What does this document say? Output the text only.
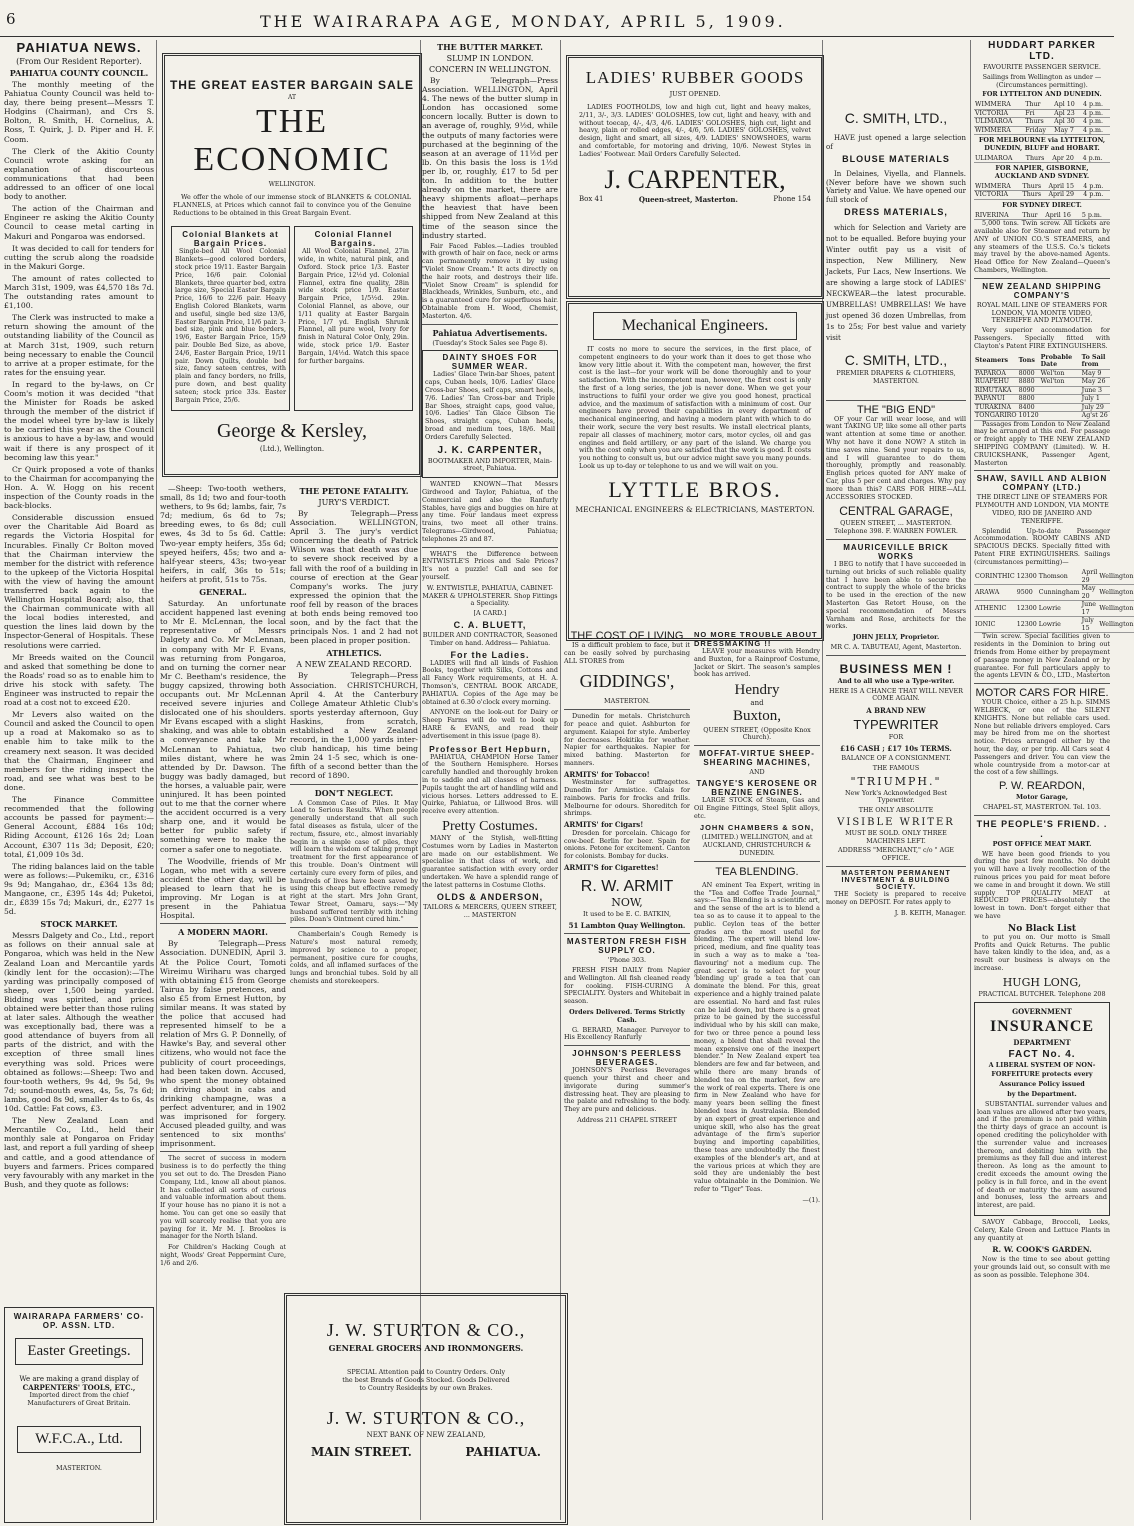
6	THE WAIRARAPA AGE, MONDAY, APRIL 5, 1909.
PAHIATUA NEWS.
(From Our Resident Reporter).
PAHIATUA COUNTY COUNCIL.

The monthly meeting of the Pahiatua County Council was held to-day, there being present—Messrs T. Hodgins (Chairman), and Crs S. Bolton, R. Smith, H. Cornelius, A. Ross, T. Quirk, J. D. Piper and H. F. Coom.

The Clerk of the Akitio County Council wrote asking for an explanation of discourteous communications that had been addressed to an officer of one local body to another.

The action of the Chairman and Engineer re asking the Akitio County Council to cease metal carting in Makuri and Pongaroa was endorsed.

It was decided to call for tenders for cutting the scrub along the roadside in the Makuri Gorge.

The amount of rates collected to March 31st, 1909, was £4,570 18s 7d. The outstanding rates amount to £1,100.

The Clerk was instructed to make a return showing the amount of the outstanding liability of the Council as at March 31st, 1909, such return being necessary to enable the Council to arrive at a proper estimate, for the rates for the ensuing year.

In regard to the by-laws, on Cr Coom's motion it was decided "that the Minister for Roads be asked through the member of the district if the model wheel tyre by-law is likely to be carried this year as the Council is anxious to have a by-law, and would wait if there is any prospect of it becoming law this year."

Cr Quirk proposed a vote of thanks to the Chairman for accompanying the Hon. A. W. Hogg on his recent inspection of the County roads in the back-blocks.

Considerable discussion ensued over the Charitable Aid Board as regards the Victoria Hospital for Incurables. Finally Cr Bolton moved that the Chairman interview the member for the district with reference to the upkeep of the Victoria Hospital with the view of having the amount transferred back again to the Wellington Hospital Board; also, that the Chairman communicate with all the local bodies interested, and question the lines laid down by the Inspector-General of Hospitals. These resolutions were carried.

Mr Breeds waited on the Council and asked that something be done to the Roads' road so as to enable him to drive his stock with safety. The Engineer was instructed to repair the road at a cost not to exceed £20.

Mr Levers also waited on the Council and asked the Council to open up a road at Makomako so as to enable him to take milk to the creamery next season. It was decided that the Chairman, Engineer and members for the riding inspect the road, and see what was best to be done.

The Finance Committee recommended that the following accounts be passed for payment:—General Account, £884 16s 10d; Riding Account, £126 16s 2d; Loan Account, £307 11s 3d; Deposit, £20; total, £1,009 10s 3d.

The riding balances laid on the table were as follows:—Pukemiku, cr., £316 9s 9d; Mangahao, dr., £364 13s 8d; Mangaone, cr., £395 14s 4d; Puketoi, dr., £839 15s 7d; Makuri, dr., £277 1s 5d.

STOCK MARKET.

Messrs Dalgety and Co., Ltd., report as follows on their annual sale at Pongaroa, which was held in the New Zealand Loan and Mercantile yards (kindly lent for the occasion):—The yarding was principally composed of sheep, over 1,500 being yarded. Bidding was spirited, and prices obtained were better than those ruling at later sales. Although the weather was exceptionally bad, there was a good attendance of buyers from all parts of the district, and with the exception of three small lines everything was sold. Prices were obtained as follows:—Sheep: Two and four-tooth wethers, 9s 4d, 9s 5d, 9s 7d; sound-mouth ewes, 4s, 5s, 7s 6d; lambs, good 8s 9d, smaller 4s to 6s, 4s 10d. Cattle: Fat cows, £3.

The New Zealand Loan and Mercantile Co., Ltd., held their monthly sale at Pongaroa on Friday last, and report a full yarding of sheep and cattle, and a good attendance of buyers and farmers. Prices compared very favourably with any market in the Bush, and they quote as follows:

WAIRARAPA FARMERS' CO-OP. ASSN. LTD.
Easter Greetings.
We are making a grand display of
CARPENTERS' TOOLS, ETC.,
Imported direct from the chief Manufacturers of Great Britain.
W.F.C.A., Ltd.
MASTERTON.
THE GREAT EASTER BARGAIN SALE
AT
THE ECONOMIC
WELLINGTON.

We offer the whole of our immense stock of BLANKETS & COLONIAL FLANNELS, at Prices which cannot fail to convince you of the Genuine Reductions to be obtained in this Great Bargain Event.

Colonial Blankets at Bargain Prices.

Single-bed All Wool Colonial Blankets—good colored borders, stock price 19/11. Easter Bargain Price, 16/6 pair. Colonial Blankets, three quarter bed, extra large size, Special Easter Bargain Price, 16/6 to 22/6 pair. Heavy English Colored Blankets, warm and useful, single bed size 13/6, Easter Bargain Price, 11/6 pair. 3-bed size, pink and blue borders, 19/6, Easter Bargain Price, 15/9 pair. Double Bed Size, as above, 24/6, Easter Bargain Price, 19/11 pair. Down Quilts, double bed size, fancy sateen centres, with plain and fancy borders, no frills, pure down, and best quality sateen; stock price 33s. Easter Bargain Price, 25/6.

Colonial Flannel Bargains.

All Wool Colonial Flannel, 27in wide, in white, natural pink, and Oxford. Stock price 1/3. Easter Bargain Price, 12½d yd. Colonial Flannel, extra fine quality, 28in wide stock price 1/9. Easter Bargain Price, 1/5½d. 29in. Colonial Flannel, as above, our 1/11 quality at Easter Bargain Price, 1/7 yd. English Shrunk Flannel, all pure wool, Ivory for finish in Natural Color Only, 29in. wide, stock price 1/9. Easter Bargain, 1/4½d. Watch this space for further bargains.

George & Kersley,
(Ltd.), Wellington.

—Sheep: Two-tooth wethers, small, 8s 1d; two and four-tooth wethers, to 9s 6d; lambs, fair, 7s 7d; medium, 6s 6d to 7s; breeding ewes, to 6s 8d; cull ewes, 4s 3d to 5s 6d. Cattle: Two-year empty heifers, 35s 6d; speyed heifers, 45s; two and a-half-year steers, 43s; two-year heifers, in calf, 36s to 51s; heifers at profit, 51s to 75s.

GENERAL.

Saturday. An unfortunate accident happened last evening to Mr E. McLennan, the local representative of Messrs Dalgety and Co. Mr McLennan, in company with Mr F. Evans, was returning from Pongaroa, and on turning the corner near Mr C. Beetham's residence, the buggy capsized, throwing both occupants out. Mr McLennan received severe injuries and dislocated one of his shoulders. Mr Evans escaped with a slight shaking, and was able to obtain a conveyance and take Mr McLennan to Pahiatua, two miles distant, where he was attended by Dr. Dawson. The buggy was badly damaged, but the horses, a valuable pair, were uninjured. It has been pointed out to me that the corner where the accident occurred is a very sharp one, and it would be better for public safety if something were to make the corner a safer one to negotiate.

The Woodville, friends of Mr Logan, who met with a severe accident the other day, will be pleased to learn that he is improving. Mr Logan is at present in the Pahiatua Hospital.

A MODERN MAORI.

By Telegraph—Press Association. DUNEDIN, April 3. At the Police Court, Tomoti Wireimu Wiriharu was charged with obtaining £15 from George Tairua by false pretences, and also £5 from Ernest Hutton, by similar means. It was stated by the police that accused had represented himself to be a relation of Mrs G. P. Donnelly, of Hawke's Bay, and several other citizens, who would not face the publicity of court proceedings, had been taken down. Accused, who spent the money obtained in driving about in cabs and drinking champagne, was a perfect adventurer, and in 1902 was imprisoned for forgery. Accused pleaded guilty, and was sentenced to six months' imprisonment.

The secret of success in modern business is to do perfectly the thing you set out to do. The Dresden Piano Company, Ltd., know all about pianos. It has collected all sorts of curious and valuable information about them. If your house has no piano it is not a home. You can get one so easily that you will scarcely realise that you are paying for it. Mr M. J. Brookes is manager for the North Island.

For Children's Hacking Cough at night, Woods' Great Peppermint Cure, 1/6 and 2/6.

THE PETONE FATALITY.
JURY'S VERDICT.

By Telegraph—Press Association. WELLINGTON, April 3. The jury's verdict concerning the death of Patrick Wilson was that death was due to severe shock received by a fall with the roof of a building in course of erection at the Gear Company's works. The jury expressed the opinion that the roof fell by reason of the braces at both ends being removed too soon, and by the fact that the principals Nos. 1 and 2 had not been placed in proper position.

ATHLETICS.
A NEW ZEALAND RECORD.

By Telegraph—Press Association. CHRISTCHURCH, April 4. At the Canterbury College Amateur Athletic Club's sports yesterday afternoon, Guy Haskins, from scratch, established a New Zealand record, in the 1,000 yards inter-club handicap, his time being 2min 24 1-5 sec, which is one-fifth of a second better than the record of 1890.

DON'T NEGLECT.

A Common Case of Piles. It May Lead to Serious Results. When people generally understand that all such fatal diseases as fistula, ulcer of the rectum, fissure, etc., almost invariably begin in a simple case of piles, they will learn the wisdom of taking prompt treatment for the first appearance of this trouble. Doan's Ointment will certainly cure every form of piles, and hundreds of lives have been saved by using this cheap but effective remedy right at the start. Mrs John Grant, Tewar Street, Oamaru, says:—"My husband suffered terribly with itching piles. Doan's Ointment cured him."

Chamberlain's Cough Remedy is Nature's most natural remedy, improved by science to a proper, permanent, positive cure for coughs, colds, and all inflamed surfaces of the lungs and bronchial tubes. Sold by all chemists and storekeepers.

J. W. STURTON & CO.,
GENERAL GROCERS AND IRONMONGERS.

SPECIAL Attention paid to Country Orders. Only the best Brands of Goods Stocked. Goods Delivered to Country Residents by our own Brakes.

J. W. STURTON & CO.,
NEXT BANK OF NEW ZEALAND,
MAIN STREET.	PAHIATUA.
THE BUTTER MARKET.
SLUMP IN LONDON.
CONCERN IN WELLINGTON.

By Telegraph—Press Association. WELLINGTON, April 4. The news of the butter slump in London has occasioned some concern locally. Butter is down to an average of, roughly, 9½d, while the outputs of many factories were purchased at the beginning of the season at an average of 11½d per lb. On this basis the loss is 1½d per lb, or, roughly, £17 to 5d per ton. In addition to the butter already on the market, there are heavy shipments afloat—perhaps the heaviest that have been shipped from New Zealand at this time of the season since the industry started.

Fair Faced Fables.—Ladies troubled with growth of hair on face, neck or arms can permanently remove it by using "Violet Snow Cream." It acts directly on the hair roots, and destroys their life. "Violet Snow Cream" is splendid for Blackheads, Wrinkles, Sunburn, etc., and is a guaranteed cure for superfluous hair. Obtainable from H. Wood, Chemist, Masterton. 4/6.

Pahiatua Advertisements.
(Tuesday's Stock Sales see Page 8).
DAINTY SHOES FOR SUMMER WEAR.

Ladies' Glace Twin-bar Shoes, patent caps, Cuban heels, 10/6. Ladies' Glace Cross-bar Shoes, self caps, smart heels, 7/6. Ladies' Tan Cross-bar and Triple Bar Shoes, straight caps, good value, 10/6. Ladies' Tan Glace Gibson Tie Shoes, straight caps, Cuban heels, broad and medium toes, 18/6. Mail Orders Carefully Selected.

J. K. CARPENTER,
BOOTMAKER AND IMPORTER, Main-street, Pahiatua.

WANTED KNOWN—That Messrs Girdwood and Taylor, Pahiatua, of the Commercial and also the Ranfurly Stables, have gigs and buggies on hire at any time. Four landaus meet express trains, two meet all other trains. Telegrams—Girdwood, Pahiatua; telephones 25 and 87.

WHAT'S the Difference between ENTWISTLE'S Prices and Sale Prices? It's not a puzzle! Call and see for yourself.

W. ENTWISTLE, PAHIATUA, CABINET-MAKER & UPHOLSTERER. Shop Fittings a Speciality.
[A CARD.]
C. A. BLUETT,
BUILDER AND CONTRACTOR, Seasoned Timber on hand. Address— Pahiatua.
For the Ladies.

LADIES will find all kinds of Fashion Books, together with Silks, Cottons and all Fancy Work requirements, at H. A. Thomson's, CENTRAL BOOK ARCADE, PAHIATUA. Copies of the Age may be obtained at 6.30 o'clock every morning.

ANYONE on the look-out for Dairy or Sheep Farms will do well to look up HARE & EVANS, and read their advertisement in this issue (page 8).

Professor Bert Hepburn,

PAHIATUA, CHAMPION Horse Tamer of the Southern Hemisphere. Horses carefully handled and thoroughly broken in to saddle and all classes of harness. Pupils taught the art of handling wild and vicious horses. Letters addressed to E. Quirke, Pahiatua, or Lillwood Bros. will receive every attention.

Pretty Costumes.

MANY of the Stylish, well-fitting Costumes worn by Ladies in Masterton are made on our establishment. We specialise in that class of work, and guarantee satisfaction with every order undertaken. We have a splendid range of the latest patterns in Costume Cloths.

OLDS & ANDERSON,
TAILORS & MERCERS, QUEEN STREET, ... MASTERTON
LADIES' RUBBER GOODS
JUST OPENED.

LADIES FOOTHOLDS, low and high cut, light and heavy makes, 2/11, 3/-, 3/3. LADIES' GOLOSHES, low cut, light and heavy, with and without toecap, 4/-, 4/3, 4/6. LADIES' GOLOSHES, high cut, light and heavy, plain or rolled edges, 4/-, 4/6, 5/6. LADIES' GOLOSHES, velvet design, light and smart, all sizes, 4/9. LADIES' SNOWSHOES, warm and comfortable, for motoring and driving, 10/6. Newest Styles in Ladies' Footwear. Mail Orders Carefully Selected.

J. CARPENTER,
Box 41	Queen-street, Masterton.	Phone 154
Mechanical Engineers.

IT costs no more to secure the services, in the first place, of competent engineers to do your work than it does to get those who know very little about it. With the competent man, however, the first cost is the last—for your work will be done thoroughly and to your satisfaction. With the incompetent man, however, the first cost is only the first of a long series, the job is never done. When we get your instructions to fulfil your order we give you good honest, practical advice, and the maximum of satisfaction with a minimum of cost. Our engineers have proved their capabilities in every department of mechanical engineering, and having a modern plant with which to do their work, secure the very best results. We install electrical plants, repair all classes of machinery, motor cars, motor cycles, oil and gas engines and field artillery, or any part of the island. We charge you with the cost only when you are satisfied that the work is good. It costs you nothing to consult us, but our advice might save you many pounds. Look us up to-day or telephone to us and we will wait on you.

LYTTLE BROS.
MECHANICAL ENGINEERS & ELECTRICIANS, MASTERTON.
THE COST OF LIVING

IS a difficult problem to face, but it can be easily solved by purchasing ALL STORES from

GIDDINGS',
MASTERTON.

Dunedin for metals. Christchurch for peace and quiet. Ashburton for argument. Kaiapoi for style. Amberley for decreases. Hokitika for weather. Napier for earthquakes. Napier for mixed bathing. Masterton for manners.

ARMITS' for Tobacco!

Westminster for suffragettes. Dunedin for Armistice. Calais for rainbows. Paris for frocks and frills. Melbourne for odours. Shoreditch for shrimps.

ARMITS' for Cigars!

Dresden for porcelain. Chicago for cow-beef. Berlin for beer. Spain for onions. Petone for excitement. Canton for colonists. Bombay for ducks.

ARMIT'S for Cigarettes!
R. W. ARMIT
NOW,
It used to be E. C. BATKIN,
51 Lambton Quay Wellington.
MASTERTON FRESH FISH SUPPLY CO.
'Phone 303.

FRESH FISH DAILY from Napier and Wellington. All fish cleaned ready for cooking. FISH-CURING A SPECIALITY. Oysters and Whitebait in season.

Orders Delivered. Terms Strictly Cash.

G. BERARD, Manager. Purveyor to His Excellency Ranfurly

JOHNSON'S PEERLESS BEVERAGES.

JOHNSON'S Peerless Beverages quench your thirst and cheer and invigorate during summer's distressing heat. They are pleasing to the palate and refreshing to the body. They are pure and delicious.

Address 211 CHAPEL STREET
NO MORE TROUBLE ABOUT DRESSMAKING !!

LEAVE your measures with Hendry and Buxton, for a Rainproof Costume, Jacket or Skirt. The season's samples book has arrived.

Hendry
and
Buxton,
QUEEN STREET, (Opposite Knox Church).
MOFFAT-VIRTUE SHEEP-SHEARING MACHINES,
AND
TANGYE'S KEROSENE OR BENZINE ENGINES.

LARGE STOCK of Steam, Gas and Oil Engine Fittings, Steel Split alloys, etc.

JOHN CHAMBERS & SON,
(LIMITED.) WELLINGTON, and at AUCKLAND, CHRISTCHURCH & DUNEDIN.
TEA BLENDING.

AN eminent Tea Expert, writing in the "Tea and Coffee Trade Journal," says:—"Tea Blending is a scientific art, and the sense of the art is to blend a tea so as to cause it to appeal to the public. Ceylon teas of the better grades are the most useful for blending. The expert will blend low-priced, medium, and fine quality teas in such a way as to make a 'tea-flavouring' not a medium cup. The great secret is to select for your 'blending up' grade a tea that can dominate the blend. For this, great experience and a highly trained palate are essential. No hard and fast rules can be laid down, but there is a great prize to be gained by the successful individual who by his skill can make, for two or three pence a pound less money, a blend that shall reveal the mean expensive one of the inexpert blender." In New Zealand expert tea blenders are few and far between, and while there are many brands of blended tea on the market, few are the work of real experts. There is one firm in New Zealand who have for many years been selling the finest blended teas in Australasia. Blended by an expert of great experience and unique skill, who also has the great advantage of the firm's superior buying and importing capabilities, these teas are undoubtedly the finest examples of the blender's art, and at the various prices at which they are sold they are undeniably the best value obtainable in the Dominion. We refer to "Tiger" Teas.

—(1).
C. SMITH, LTD.,

HAVE just opened a large selection of

BLOUSE MATERIALS

In Delaines, Viyella, and Flannels. (Never before have we shown such Variety and Value. We have opened our full stock of

DRESS MATERIALS,

which for Selection and Variety are not to be equalled. Before buying your Winter outfit pay us a visit of inspection, New Millinery, New Jackets, Fur Lacs, New Insertions. We are showing a large stock of LADIES' NECKWEAR—the latest procurable. UMBRELLAS! UMBRELLAS! We have just opened 36 dozen Umbrellas, from 1s to 25s; For best value and variety visit

C. SMITH, LTD.,
PREMIER DRAPERS & CLOTHIERS, MASTERTON.
THE "BIG END"

OF your Car will wear loose, and will want TAKING UP, like some all other parts want attention at some time or another. Why not have it done NOW? A stitch in time saves nine. Send your repairs to us, and I will guarantee to do them thoroughly, promptly and reasonably. English prices quoted for ANY make of Car, plus 5 per cent and charges. Why pay more than this? CARS FOR HIRE—ALL ACCESSORIES STOCKED.

CENTRAL GARAGE,
QUEEN STREET, ... MASTERTON. Telephone 398. F. WARREN FOWLER.
MAURICEVILLE BRICK WORKS

I BEG to notify that I have succeeded in turning out bricks of such reliable quality that I have been able to secure the contract to supply the whole of the bricks to be used in the erection of the new Masterton Gas Retort House, on the special recommendation of Messrs Varnham and Rose, architects for the works.

JOHN JELLY, Proprietor.
MR C. A. TABUTEAU, Agent, Masterton.
BUSINESS MEN !
And to all who use a Type-writer.

HERE IS A CHANCE THAT WILL NEVER COME AGAIN.

A BRAND NEW
TYPEWRITER
FOR
£16 CASH ; £17 10s TERMS.
BALANCE OF A CONSIGNMENT.
THE FAMOUS
"TRIUMPH."
New York's Acknowledged Best Typewriter.
THE ONLY ABSOLUTE
VISIBLE WRITER
MUST BE SOLD. ONLY THREE MACHINES LEFT.
ADDRESS "MERCHANT," c/o " AGE OFFICE.
MASTERTON PERMANENT INVESTMENT & BUILDING SOCIETY.

THE Society is prepared to receive money on DEPOSIT. For rates apply to

J. B. KEITH, Manager.
HUDDART PARKER LTD.
FAVOURITE PASSENGER SERVICE.
Sailings from Wellington as under — (Circumstances permitting).
FOR LYTTELTON AND DUNEDIN.
WIMMERA	Thur	Apl 10	4 p.m.
VICTORIA	Fri	Apl 23	4 p.m.
ULIMAROA	Thurs	Apl 30	4 p.m.
WIMMERA	Friday	May 7	4 p.m.
FOR MELBOURNE via LYTTELTON, DUNEDIN, BLUFF and HOBART.
ULIMAROA	Thurs	Apr 20	4 p.m.
FOR NAPIER, GISBORNE, AUCKLAND AND SYDNEY.
WIMMERA	Thurs	April 15	4 p.m.
VICTORIA	Thurs	April 29	4 p.m.
FOR SYDNEY DIRECT.
RIVERINA	Thur	April 16	5 p.m.

5,000 tons. Twin screw. All tickets are available also for Steamer and return by ANY of UNION CO.'S STEAMERS, and any steamers of the U.S.S. Co.'s tickets may travel by the above-named Agents. Head Office for New Zealand—Queen's Chambers, Wellington.

NEW ZEALAND SHIPPING COMPANY'S
ROYAL MAIL LINE OF STEAMERS FOR LONDON, VIA MONTE VIDEO, TENERIFFE AND PLYMOUTH.

Very superior accommodation for Passengers. Specially fitted with Clayton's Patent FIRE EXTINGUISHERS.

Steamers	Tons	Probable Date	To Sail from
PAPAROA	8000	Wel'ton	May 9
RUAPEHU	8880	Wel'ton	May 26
RIMUTAKA	8090		June 3
PAPANUI	8800		July 1
TURAKINA	8400		July 29
TONGARIRO	10120		Ag'st 26

Passages from London to New Zealand may be arranged at this end. For passage or freight apply to THE NEW ZEALAND SHIPPING COMPANY (Limited). W. H. CRUICKSHANK, Passenger Agent, Masterton

SHAW, SAVILL AND ALBION COMPANY (LTD.)
THE DIRECT LINE OF STEAMERS FOR PLYMOUTH AND LONDON, VIA MONTE VIDEO, RIO DE JANEIRO AND TENERIFFE.

Splendid Up-to-date Passenger Accommodation. ROOMY CABINS AND SPACIOUS DECKS. Specially fitted with Patent FIRE EXTINGUISHERS. Sailings (circumstances permitting)—

CORINTHIC	12300	Thomson	April 29	Wellington
ARAWA	9500	Cunningham	May 20	Wellington
ATHENIC	12300	Lowrie	June 17	Wellington
IONIC	12300	Lowrie	July 15	Wellington

Twin screw. Special facilities given to residents in the Dominion to bring out friends from Home either by prepayment of passage money in New Zealand or by guarantee. For full particulars apply to the agents LEVIN & CO., LTD., Masterton

MOTOR CARS FOR HIRE.

YOUR Choice, either a 25 h.p. SIMMS WELBECK, or one of the SILENT KNIGHTS. None but reliable cars used. None but reliable drivers employed. Cars may be hired from me on the shortest notice. Prices arranged either by the hour, the day, or per trip. All Cars seat 4 Passengers and driver. You can view the whole countryside from a motor-car at the cost of a few shillings.

P. W. REARDON,
Motor Garage,
CHAPEL-ST, MASTERTON. Tel. 103.
THE PEOPLE'S FRIEND. . .
POST OFFICE MEAT MART.

WE have been good friends to you during the past few months. No doubt you will have a lively recollection of the ruinous prices you paid for meat before we came in and brought it down. We still supply TOP QUALITY MEAT at REDUCED PRICES—absolutely the lowest in town. Don't forget either that we have

No Black List

to put you on. Our motto is Small Profits and Quick Returns. The public have taken kindly to the idea, and, as a result our business is always on the increase.

HUGH LONG,
PRACTICAL BUTCHER. Telephone 208
GOVERNMENT
INSURANCE
DEPARTMENT
FACT No. 4.
A LIBERAL SYSTEM OF NON-
FORFEITURE protects every
Assurance Policy issued
by the Department.

SUBSTANTIAL surrender values and loan values are allowed after two years, and if the premium is not paid within the thirty days of grace an account is opened crediting the policyholder with the surrender value and increases thereon, and debiting him with the premiums as they fall due and interest thereon. As long as the amount to credit exceeds the amount owing the policy is in full force, and in the event of death or maturity the sum assured and bonuses, less the arrears and interest, are paid.

SAVOY Cabbage, Broccoli, Leeks, Celery, Kale Green and Lettuce Plants in any quantity at

R. W. COOK'S GARDEN.

Now is the time to see about getting your grounds laid out, so consult with me as soon as possible. Telephone 304.
